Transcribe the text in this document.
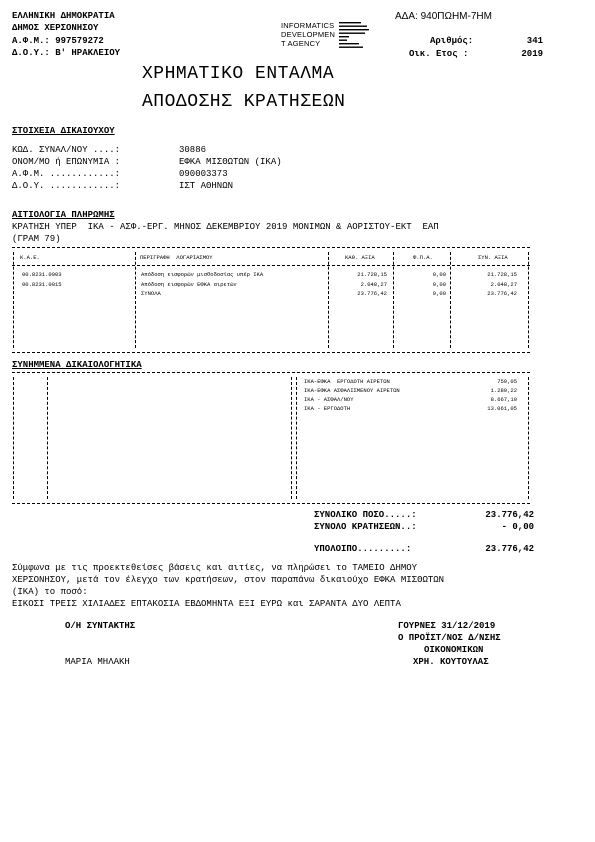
ΕΛΛΗΝΙΚΗ ΔΗΜΟΚΡΑΤΙΑ
ΔΗΜΟΣ ΧΕΡΣΟΝΗΣΟΥ
Α.Φ.Μ.: 997579272
Δ.Ο.Υ.: Β' ΗΡΑΚΛΕΙΟΥ
ΑΔΑ: 940ΠΩΗΜ-7ΗΜ
INFORMATICS
DEVELOPMEN
T AGENCY	Αριθμός:	341
Οικ. Ετος :	2019
ΧΡΗΜΑΤΙΚΟ ΕΝΤΑΛΜΑ
ΑΠΟΔΟΣΗΣ ΚΡΑΤΗΣΕΩΝ
ΣΤΟΙΧΕΙΑ ΔΙΚΑΙΟΥΧΟΥ
ΚΩΔ. ΣΥΝΑΛ/ΝΟΥ ....:	30886
ΟΝΟΜ/ΜΟ ή ΕΠΩΝΥΜΙΑ :	ΕΦΚΑ ΜΙΣΘΩΤΩΝ (ΙΚΑ)
Α.Φ.Μ. ............:	090003373
Δ.Ο.Υ. ............:	ΙΣΤ ΑΘΗΝΩΝ
ΑΙΤΙΟΛΟΓΙΑ ΠΛΗΡΩΜΗΣ
ΚΡΑΤΗΣΗ ΥΠΕΡ  ΙΚΑ - ΑΣΦ.-ΕΡΓ. ΜΗΝΟΣ ΔΕΚΕΜΒΡΙΟΥ 2019 ΜΟΝΙΜΩΝ & ΑΟΡΙΣΤΟΥ-ΕΚΤ  ΕΑΠ
(ΓΡΑΜ 79)
Κ.Α.Ε.	ΠΕΡΙΓΡΑΦΗ  ΛΟΓΑΡΙΑΣΜΟΥ	ΚΑΘ. ΑΞΙΑ	Φ.Π.Α.	ΣΥΝ. ΑΞΙΑ
00.8231.0003	Απόδοση εισφορών μισθοδοσίας υπέρ ΙΚΑ	21.728,15	0,00	21.728,15
00.8231.0015	Απόδοση εισφορών ΕΦΚΑ αιρετών	2.048,27	0,00	2.048,27
ΣΥΝΟΛΑ	23.776,42	0,00	23.776,42
ΣΥΝΗΜΜΕΝΑ ΔΙΚΑΙΟΛΟΓΗΤΙΚΑ
ΙΚΑ-ΕΦΚΑ  ΕΡΓΟΔΟΤΗ ΑΙΡΕΤΩΝ	759,05
ΙΚΑ-ΕΦΚΑ ΑΣΦΑΛΙΣΜΕΝΟΥ ΑΙΡΕΤΩΝ	1.289,22
ΙΚΑ - ΑΣΦΑΛ/ΝΟΥ	8.667,10
ΙΚΑ - ΕΡΓΟΔΟΤΗ	13.061,05
ΣΥΝΟΛΙΚΟ ΠΟΣΟ.....:	23.776,42
ΣΥΝΟΛΟ ΚΡΑΤΗΣΕΩΝ..:	- 0,00
ΥΠΟΛΟΙΠΟ.........:	23.776,42
Σύμφωνα με τις προεκτεθείσες βάσεις και αιτίες, να πληρώσει το ΤΑΜΕΙΟ ΔΗΜΟΥ
ΧΕΡΣΟΝΗΣΟΥ, μετά τον έλεγχο των κρατήσεων, στον παραπάνω δικαιούχο ΕΦΚΑ ΜΙΣΘΩΤΩΝ
(ΙΚΑ) το ποσό:
ΕΙΚΟΣΙ ΤΡΕΙΣ ΧΙΛΙΑΔΕΣ ΕΠΤΑΚΟΣΙΑ ΕΒΔΟΜΗΝΤΑ ΕΞΙ ΕΥΡΩ και ΣΑΡΑΝΤΑ ΔΥΟ ΛΕΠΤΑ
Ο/Η ΣΥΝΤΑΚΤΗΣ
ΜΑΡΙΑ ΜΗΛΑΚΗ
ΓΟΥΡΝΕΣ 31/12/2019
Ο ΠΡΟΪΣΤ/ΝΟΣ Δ/ΝΣΗΣ
ΟΙΚΟΝΟΜΙΚΩΝ
ΧΡΗ. ΚΟΥΤΟΥΛΑΣ
